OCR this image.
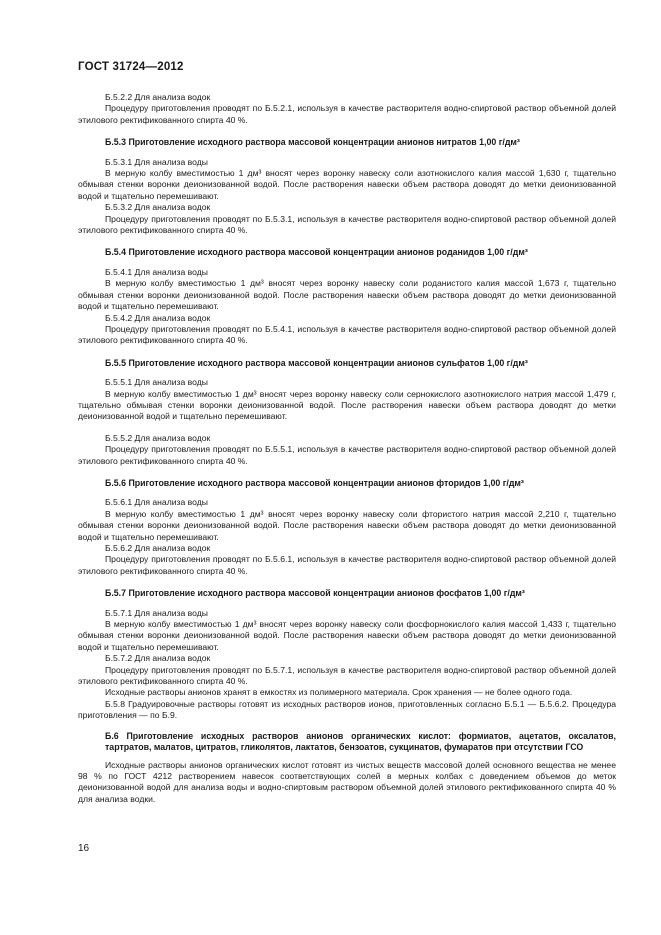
ГОСТ 31724—2012

Б.5.2.2 Для анализа водок

Процедуру приготовления проводят по Б.5.2.1, используя в качестве растворителя водно-спиртовой раствор объемной долей этилового ректификованного спирта 40 %.

Б.5.3 Приготовление исходного раствора массовой концентрации анионов нитратов 1,00 г/дм³

Б.5.3.1 Для анализа воды

В мерную колбу вместимостью 1 дм³ вносят через воронку навеску соли азотнокислого калия массой 1,630 г, тщательно обмывая стенки воронки деионизованной водой. После растворения навески объем раствора доводят до метки деионизованной водой и тщательно перемешивают.

Б.5.3.2 Для анализа водок

Процедуру приготовления проводят по Б.5.3.1, используя в качестве растворителя водно-спиртовой раствор объемной долей этилового ректификованного спирта 40 %.

Б.5.4 Приготовление исходного раствора массовой концентрации анионов роданидов 1,00 г/дм³

Б.5.4.1 Для анализа воды

В мерную колбу вместимостью 1 дм³ вносят через воронку навеску соли роданистого калия массой 1,673 г, тщательно обмывая стенки воронки деионизованной водой. После растворения навески объем раствора доводят до метки деионизованной водой и тщательно перемешивают.

Б.5.4.2 Для анализа водок

Процедуру приготовления проводят по Б.5.4.1, используя в качестве растворителя водно-спиртовой раствор объемной долей этилового ректификованного спирта 40 %.

Б.5.5 Приготовление исходного раствора массовой концентрации анионов сульфатов 1,00 г/дм³

Б.5.5.1 Для анализа воды

В мерную колбу вместимостью 1 дм³ вносят через воронку навеску соли сернокислого азотнокислого натрия массой 1,479 г, тщательно обмывая стенки воронки деионизованной водой. После растворения навески объем раствора доводят до метки деионизованной водой и тщательно перемешивают.

Б.5.5.2 Для анализа водок

Процедуру приготовления проводят по Б.5.5.1, используя в качестве растворителя водно-спиртовой раствор объемной долей этилового ректификованного спирта 40 %.

Б.5.6 Приготовление исходного раствора массовой концентрации анионов фторидов 1,00 г/дм³

Б.5.6.1 Для анализа воды

В мерную колбу вместимостью 1 дм³ вносят через воронку навеску соли фтористого натрия массой 2,210 г, тщательно обмывая стенки воронки деионизованной водой. После растворения навески объем раствора доводят до метки деионизованной водой и тщательно перемешивают.

Б.5.6.2 Для анализа водок

Процедуру приготовления проводят по Б.5.6.1, используя в качестве растворителя водно-спиртовой раствор объемной долей этилового ректификованного спирта 40 %.

Б.5.7 Приготовление исходного раствора массовой концентрации анионов фосфатов 1,00 г/дм³

Б.5.7.1 Для анализа воды

В мерную колбу вместимостью 1 дм³ вносят через воронку навеску соли фосфорнокислого калия массой 1,433 г, тщательно обмывая стенки воронки деионизованной водой. После растворения навески объем раствора доводят до метки деионизованной водой и тщательно перемешивают.

Б.5.7.2 Для анализа водок

Процедуру приготовления проводят по Б.5.7.1, используя в качестве растворителя водно-спиртовой раствор объемной долей этилового ректификованного спирта 40 %.

Исходные растворы анионов хранят в емкостях из полимерного материала. Срок хранения — не более одного года.

Б.5.8 Градуировочные растворы готовят из исходных растворов ионов, приготовленных согласно Б.5.1 — Б.5.6.2. Процедура приготовления — по Б.9.

Б.6 Приготовление исходных растворов анионов органических кислот: формиатов, ацетатов, оксалатов, тартратов, малатов, цитратов, гликолятов, лактатов, бензоатов, сукцинатов, фумаратов при отсутствии ГСО

Исходные растворы анионов органических кислот готовят из чистых веществ массовой долей основного вещества не менее 98 % по ГОСТ 4212 растворением навесок соответствующих солей в мерных колбах с доведением объемов до меток деионизованной водой для анализа воды и водно-спиртовым раствором объемной долей этилового ректификованного спирта 40 % для анализа водки.

16
